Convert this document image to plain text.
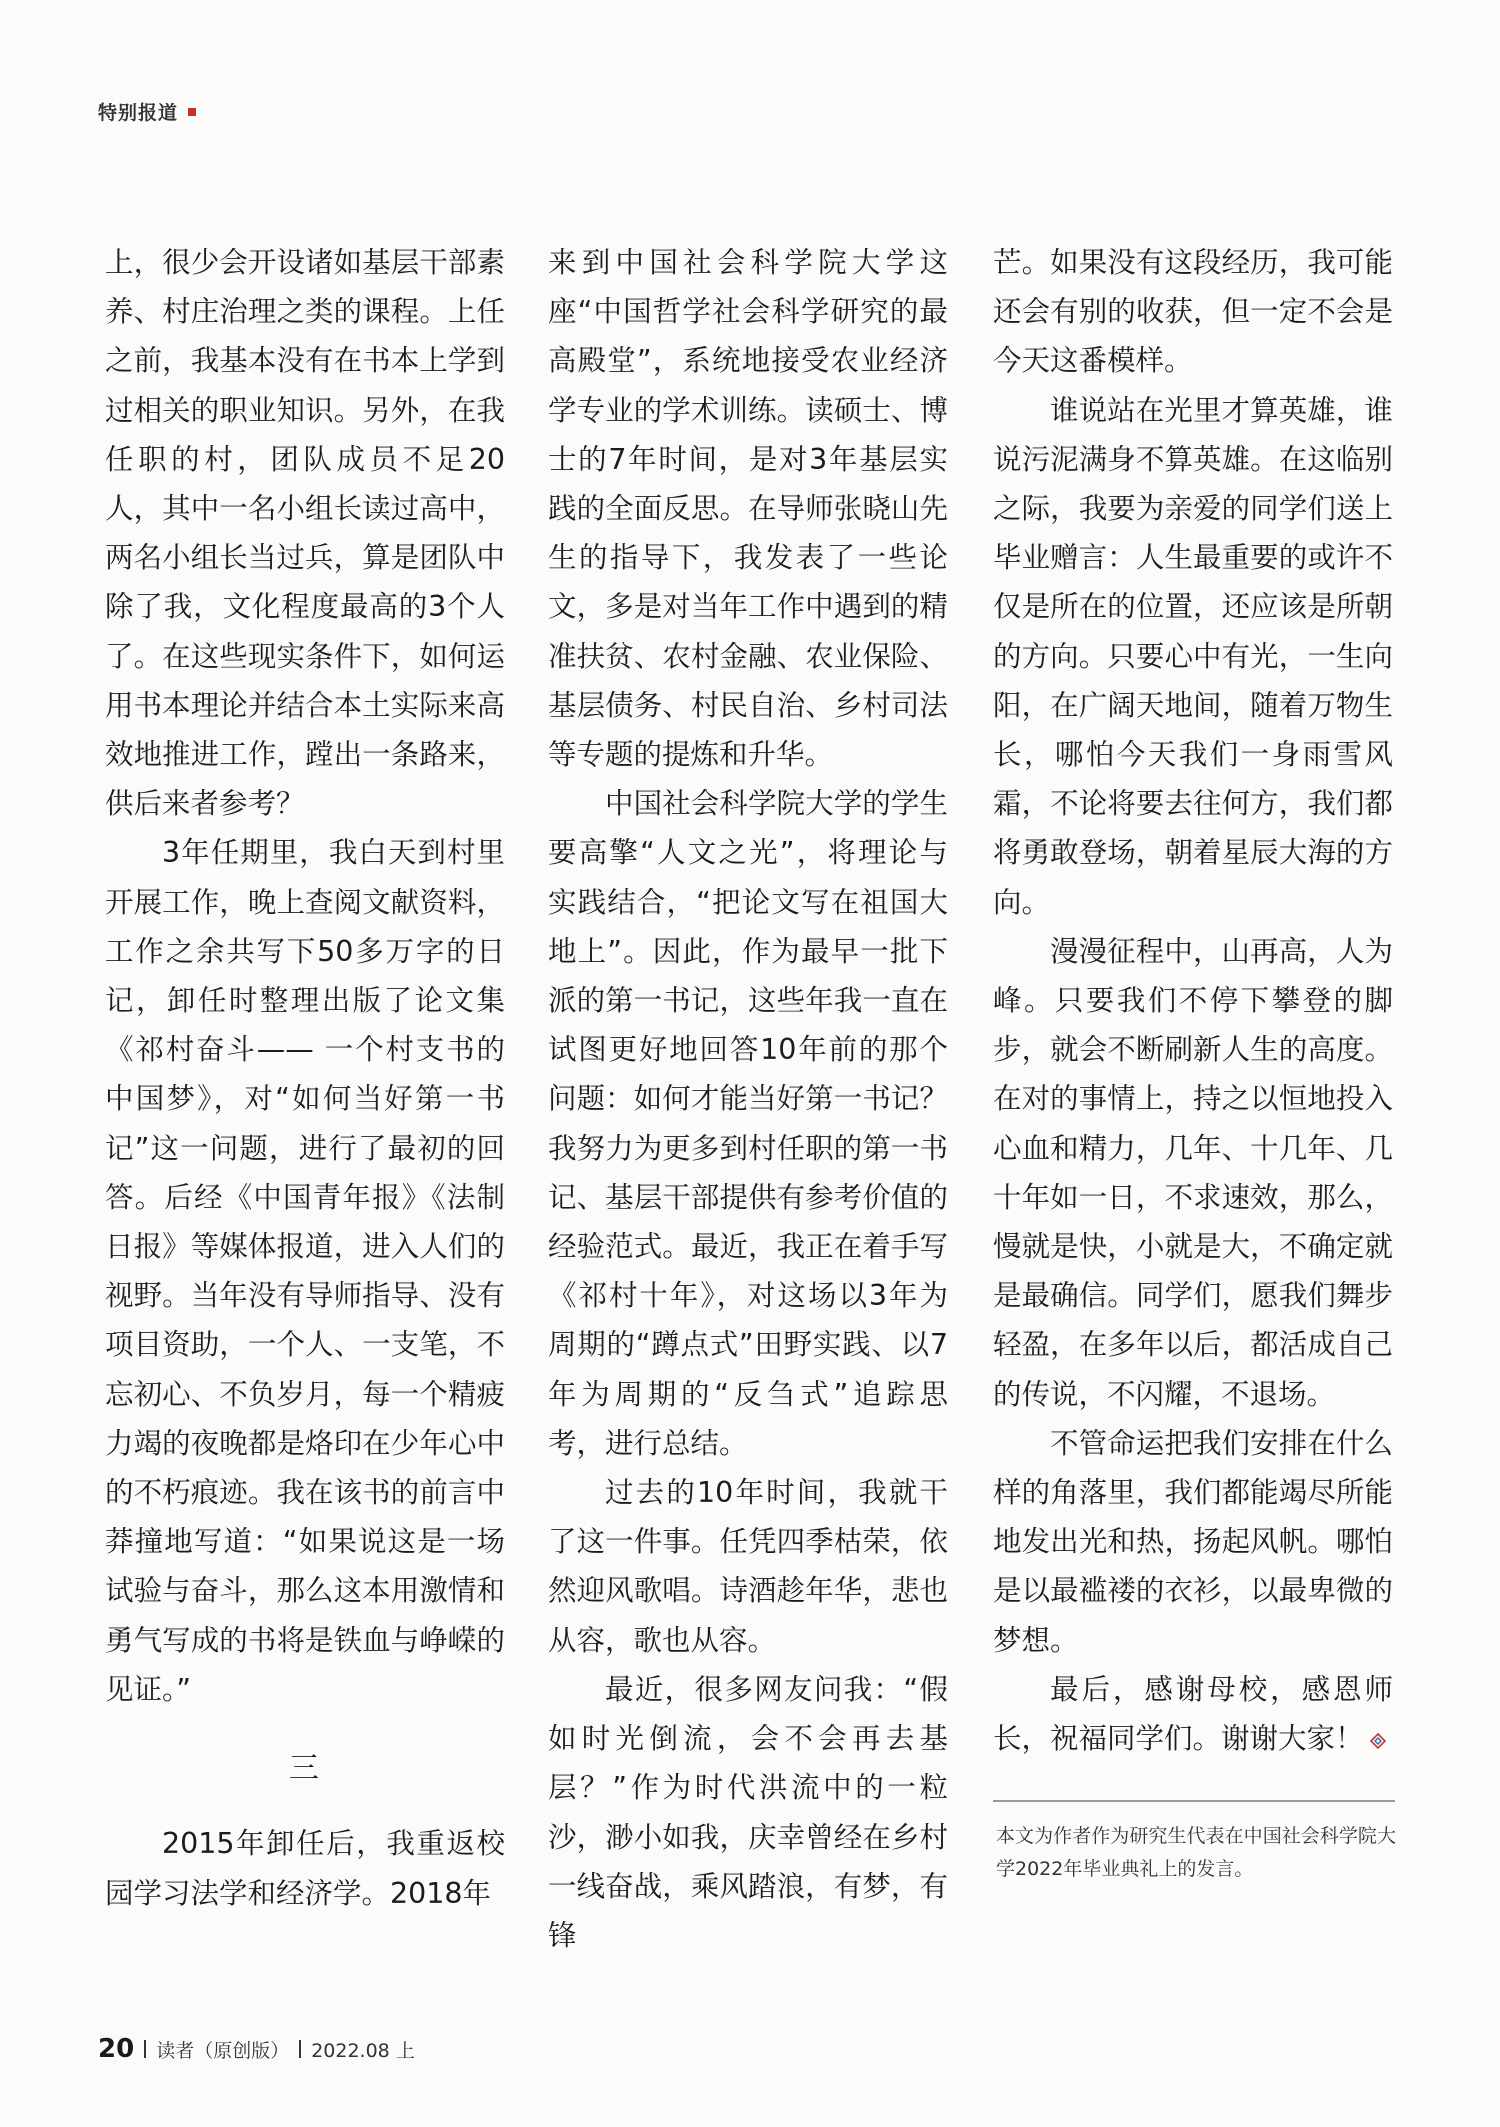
特别报道

上，很少会开设诸如基层干部素养、村庄治理之类的课程。上任之前，我基本没有在书本上学到过相关的职业知识。另外，在我任职的村，团队成员不足20人，其中一名小组长读过高中，两名小组长当过兵，算是团队中除了我，文化程度最高的3个人了。在这些现实条件下，如何运用书本理论并结合本土实际来高效地推进工作，蹚出一条路来，供后来者参考？

3年任期里，我白天到村里开展工作，晚上查阅文献资料，工作之余共写下50多万字的日记，卸任时整理出版了论文集《祁村奋斗—— 一个村支书的中国梦》，对“如何当好第一书记”这一问题，进行了最初的回答。后经《中国青年报》《法制日报》等媒体报道，进入人们的视野。当年没有导师指导、没有项目资助，一个人、一支笔，不忘初心、不负岁月，每一个精疲力竭的夜晚都是烙印在少年心中的不朽痕迹。我在该书的前言中莽撞地写道：“如果说这是一场试验与奋斗，那么这本用激情和勇气写成的书将是铁血与峥嵘的见证。”

三

2015年卸任后，我重返校园学习法学和经济学。2018年

来到中国社会科学院大学这座“中国哲学社会科学研究的最高殿堂”，系统地接受农业经济学专业的学术训练。读硕士、博士的7年时间，是对3年基层实践的全面反思。在导师张晓山先生的指导下，我发表了一些论文，多是对当年工作中遇到的精准扶贫、农村金融、农业保险、基层债务、村民自治、乡村司法等专题的提炼和升华。

中国社会科学院大学的学生要高擎“人文之光”，将理论与实践结合，“把论文写在祖国大地上”。因此，作为最早一批下派的第一书记，这些年我一直在试图更好地回答10年前的那个问题：如何才能当好第一书记？我努力为更多到村任职的第一书记、基层干部提供有参考价值的经验范式。最近，我正在着手写《祁村十年》，对这场以3年为周期的“蹲点式”田野实践、以7年为周期的“反刍式”追踪思考，进行总结。

过去的10年时间，我就干了这一件事。任凭四季枯荣，依然迎风歌唱。诗酒趁年华，悲也从容，歌也从容。

最近，很多网友问我：“假如时光倒流，会不会再去基层？”作为时代洪流中的一粒沙，渺小如我，庆幸曾经在乡村一线奋战，乘风踏浪，有梦，有锋

芒。如果没有这段经历，我可能还会有别的收获，但一定不会是今天这番模样。

谁说站在光里才算英雄，谁说污泥满身不算英雄。在这临别之际，我要为亲爱的同学们送上毕业赠言：人生最重要的或许不仅是所在的位置，还应该是所朝的方向。只要心中有光，一生向阳，在广阔天地间，随着万物生长，哪怕今天我们一身雨雪风霜，不论将要去往何方，我们都将勇敢登场，朝着星辰大海的方向。

漫漫征程中，山再高，人为峰。只要我们不停下攀登的脚步，就会不断刷新人生的高度。在对的事情上，持之以恒地投入心血和精力，几年、十几年、几十年如一日，不求速效，那么，慢就是快，小就是大，不确定就是最确信。同学们，愿我们舞步轻盈，在多年以后，都活成自己的传说，不闪耀，不退场。

不管命运把我们安排在什么样的角落里，我们都能竭尽所能地发出光和热，扬起风帆。哪怕是以最褴褛的衣衫，以最卑微的梦想。

最后，感谢母校，感恩师长，祝福同学们。谢谢大家！

本文为作者作为研究生代表在中国社会科学院大学2022年毕业典礼上的发言。
20 读者（原创版） 2022.08 上
